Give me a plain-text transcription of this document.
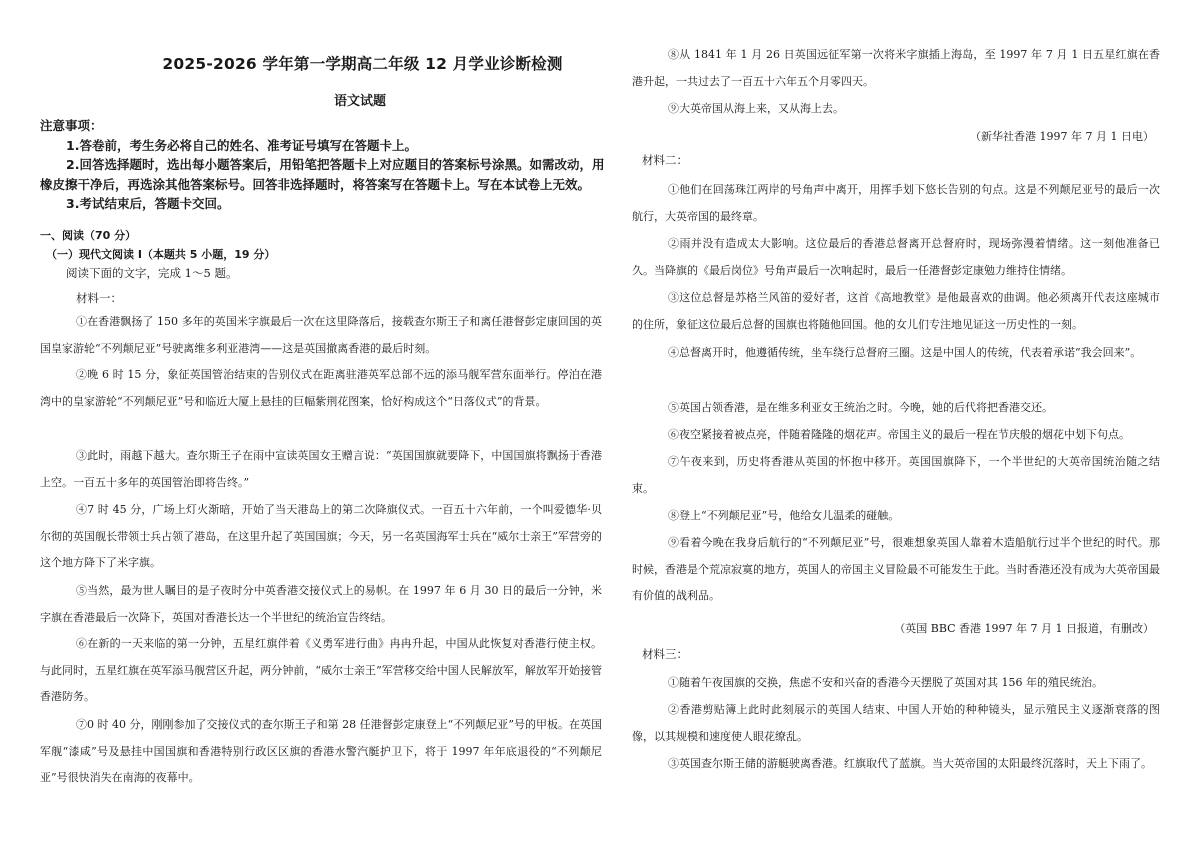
2025-2026 学年第一学期高二年级 12 月学业诊断检测
语文试题

注意事项：

1.答卷前，考生务必将自己的姓名、准考证号填写在答题卡上。

2.回答选择题时，选出每小题答案后，用铅笔把答题卡上对应题目的答案标号涂黑。如需改动，用橡皮擦干净后，再选涂其他答案标号。回答非选择题时，将答案写在答题卡上。写在本试卷上无效。

3.考试结束后，答题卡交回。

一、阅读（70 分）
（一）现代文阅读 I（本题共 5 小题，19 分）
阅读下面的文字，完成 1～5 题。
材料一：

①在香港飘扬了 150 多年的英国米字旗最后一次在这里降落后，接载查尔斯王子和离任港督彭定康回国的英国皇家游轮“不列颠尼亚”号驶离维多利亚港湾——这是英国撤离香港的最后时刻。

②晚 6 时 15 分，象征英国管治结束的告别仪式在距离驻港英军总部不远的添马舰军营东面举行。停泊在港湾中的皇家游轮“不列颠尼亚”号和临近大厦上悬挂的巨幅紫荆花图案，恰好构成这个“日落仪式”的背景。

③此时，雨越下越大。查尔斯王子在雨中宣读英国女王赠言说：“英国国旗就要降下，中国国旗将飘扬于香港上空。一百五十多年的英国管治即将告终。”

④7 时 45 分，广场上灯火渐暗，开始了当天港岛上的第二次降旗仪式。一百五十六年前，一个叫爱德华·贝尔彻的英国舰长带领士兵占领了港岛，在这里升起了英国国旗；今天，另一名英国海军士兵在“威尔士亲王”军营旁的这个地方降下了米字旗。

⑤当然，最为世人瞩目的是子夜时分中英香港交接仪式上的易帜。在 1997 年 6 月 30 日的最后一分钟，米字旗在香港最后一次降下，英国对香港长达一个半世纪的统治宣告终结。

⑥在新的一天来临的第一分钟，五星红旗伴着《义勇军进行曲》冉冉升起，中国从此恢复对香港行使主权。与此同时，五星红旗在英军添马舰营区升起，两分钟前，“威尔士亲王”军营移交给中国人民解放军，解放军开始接管香港防务。

⑦0 时 40 分，刚刚参加了交接仪式的查尔斯王子和第 28 任港督彭定康登上“不列颠尼亚”号的甲板。在英国军舰“漆咸”号及悬挂中国国旗和香港特别行政区区旗的香港水警汽艇护卫下，将于 1997 年年底退役的“不列颠尼亚”号很快消失在南海的夜幕中。

⑧从 1841 年 1 月 26 日英国远征军第一次将米字旗插上海岛，至 1997 年 7 月 1 日五星红旗在香港升起，一共过去了一百五十六年五个月零四天。

⑨大英帝国从海上来，又从海上去。

（新华社香港 1997 年 7 月 1 日电）
材料二：

①他们在回荡珠江两岸的号角声中离开，用挥手划下悠长告别的句点。这是不列颠尼亚号的最后一次航行，大英帝国的最终章。

②雨并没有造成太大影响。这位最后的香港总督离开总督府时，现场弥漫着情绪。这一刻他准备已久。当降旗的《最后岗位》号角声最后一次响起时，最后一任港督彭定康勉力维持住情绪。

③这位总督是苏格兰风笛的爱好者，这首《高地教堂》是他最喜欢的曲调。他必须离开代表这座城市的住所，象征这位最后总督的国旗也将随他回国。他的女儿们专注地见证这一历史性的一刻。

④总督离开时，他遵循传统，坐车绕行总督府三圈。这是中国人的传统，代表着承诺“我会回来”。

⑤英国占领香港，是在维多利亚女王统治之时。今晚，她的后代将把香港交还。

⑥夜空紧接着被点亮，伴随着隆隆的烟花声。帝国主义的最后一程在节庆般的烟花中划下句点。

⑦午夜来到，历史将香港从英国的怀抱中移开。英国国旗降下，一个半世纪的大英帝国统治随之结束。

⑧登上“不列颠尼亚”号，他给女儿温柔的碰触。

⑨看着今晚在我身后航行的“不列颠尼亚”号，很难想象英国人靠着木造船航行过半个世纪的时代。那时候，香港是个荒凉寂寞的地方，英国人的帝国主义冒险最不可能发生于此。当时香港还没有成为大英帝国最有价值的战利品。

（英国 BBC 香港 1997 年 7 月 1 日报道，有删改）
材料三：

①随着午夜国旗的交换，焦虑不安和兴奋的香港今天摆脱了英国对其 156 年的殖民统治。

②香港剪贴簿上此时此刻展示的英国人结束、中国人开始的种种镜头，显示殖民主义逐渐衰落的图像，以其规模和速度使人眼花缭乱。

③英国查尔斯王储的游艇驶离香港。红旗取代了蓝旗。当大英帝国的太阳最终沉落时，天上下雨了。
